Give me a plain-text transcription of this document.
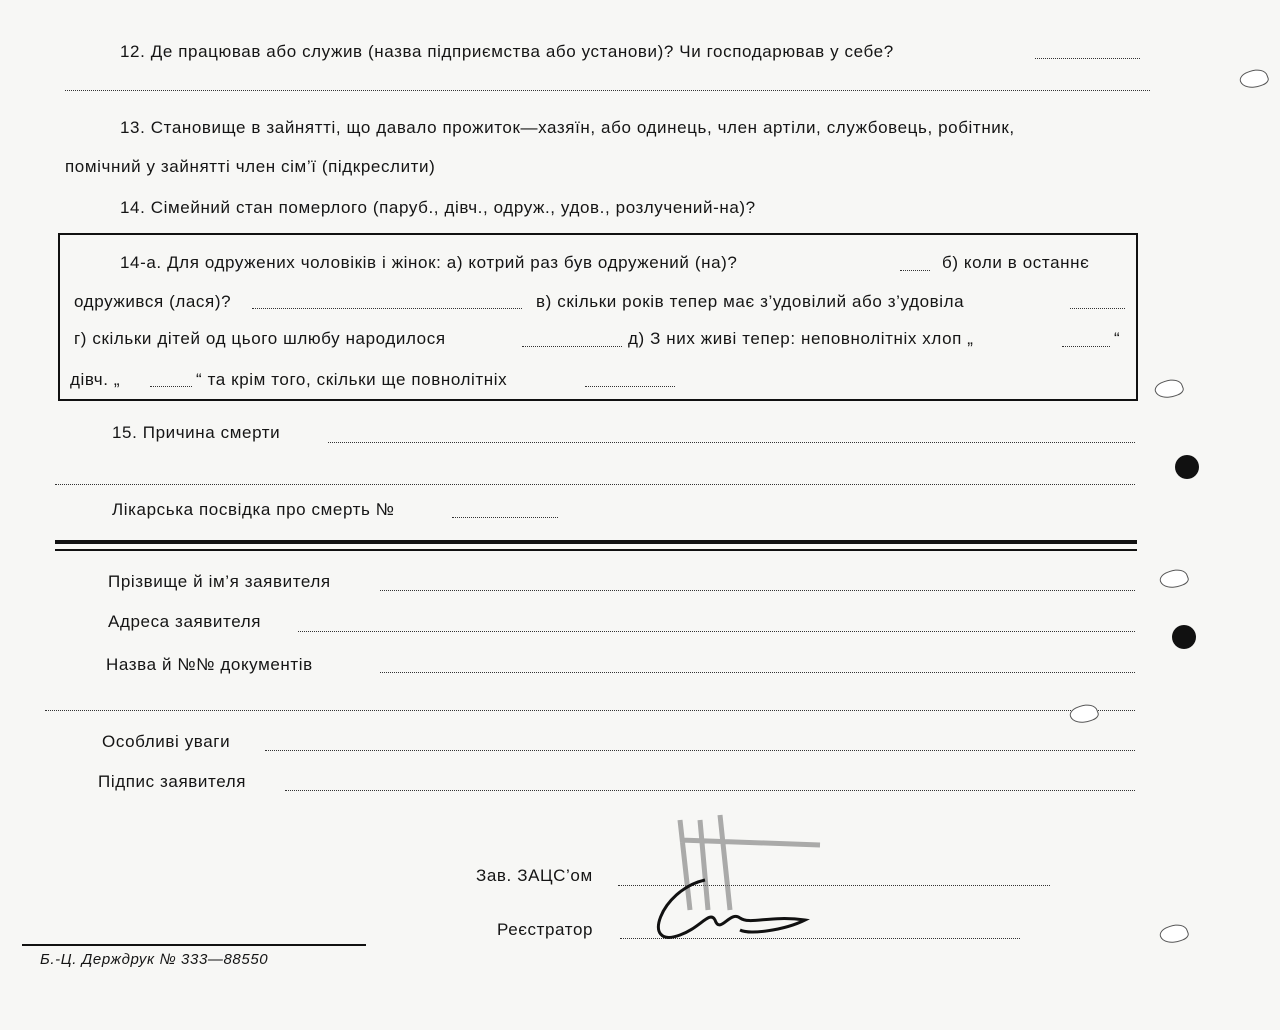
12. Де працював або служив (назва підприємства або установи)? Чи господарював у себе?
13. Становище в зайнятті, що давало прожиток—хазяїн, або одинець, член артіли, службовець, робітник,
помічний у зайнятті член сім’ї (підкреслити)
14. Сімейний стан померлого (паруб., дівч., одруж., удов., розлучений-на)?
14-а. Для одружених чоловіків і жінок: а) котрий раз був одружений (на)?	б) коли в останнє
одружився (лася)?	в) скільки років тепер має з’удовілий або з’удовіла
г) скільки дітей од цього шлюбу народилося	д) З них живі тепер: неповнолітніх хлоп „	“
дівч. „	“ та крім того, скільки ще повнолітніх
15. Причина смерти
Лікарська посвідка про смерть №
Прізвище й ім’я заявителя
Адреса заявителя
Назва й №№ документів
Особливі уваги
Підпис заявителя
Зав. ЗАЦС’ом
Реєстратор
Б.-Ц. Держдрук № 333—88550
